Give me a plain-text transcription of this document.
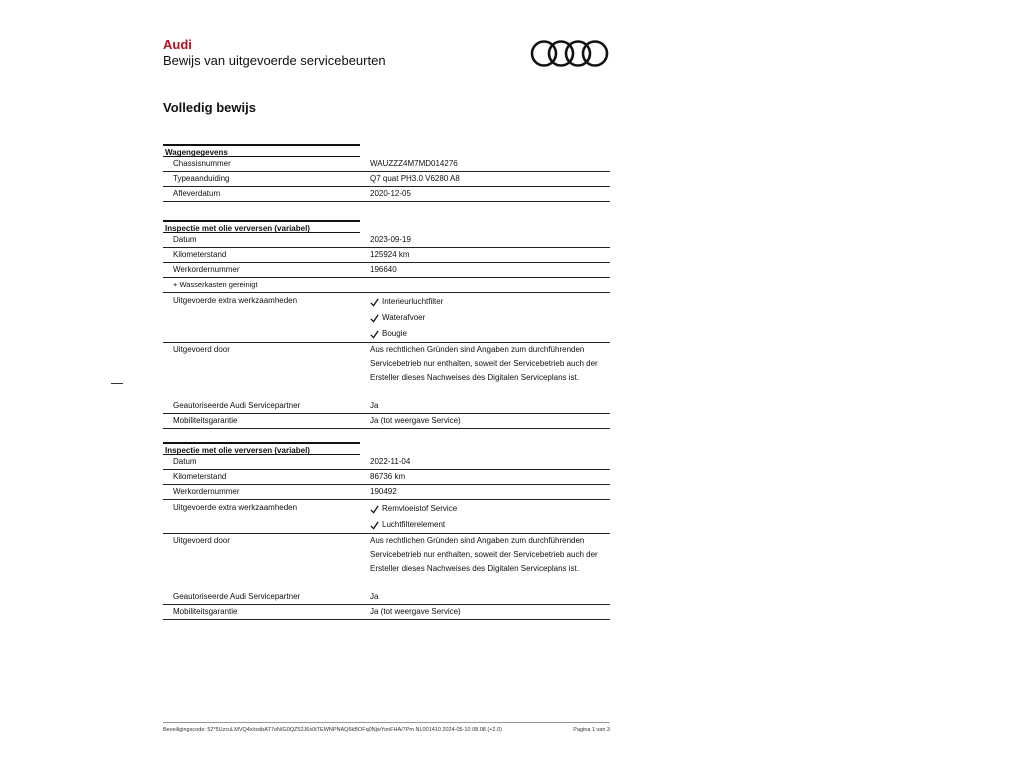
Audi
Bewijs van uitgevoerde servicebeurten
Volledig bewijs
Wagengegevens
Chassisnummer	WAUZZZ4M7MD014276
Typeaanduiding	Q7 quat PH3.0 V6280 A8
Afleverdatum	2020-12-05
Inspectie met olie verversen (variabel)
Datum	2023-09-19
Kilometerstand	125924 km
Werkordernummer	196640
+ Wasserkasten gereinigt
Uitgevoerde extra werkzaamheden	Interieurluchtfilter
Waterafvoer
Bougie
Uitgevoerd door	Aus rechtlichen Gründen sind Angaben zum durchführenden
Servicebetrieb nur enthalten, soweit der Servicebetrieb auch der
Ersteller dieses Nachweises des Digitalen Serviceplans ist.
Geautoriseerde Audi Servicepartner	Ja
Mobiliteitsgarantie	Ja (tot weergave Service)
Inspectie met olie verversen (variabel)
Datum	2022-11-04
Kilometerstand	86736 km
Werkordernummer	190492
Uitgevoerde extra werkzaamheden	Remvloeistof Service
Luchtfilterelement
Uitgevoerd door	Aus rechtlichen Gründen sind Angaben zum durchführenden
Servicebetrieb nur enthalten, soweit der Servicebetrieb auch der
Ersteller dieses Nachweises des Digitalen Serviceplans ist.
Geautoriseerde Audi Servicepartner	Ja
Mobiliteitsgarantie	Ja (tot weergave Service)
Beveiligingscode: 52*5UzcuLMVQ4x/osibAT7oN/G0QZ52J6x0tTEWNPNAQ6kBOFq0NjwYonFHA/7Pm NL001410 2024-05-10 08.08 (+2.0)	Pagina 1 van 3
